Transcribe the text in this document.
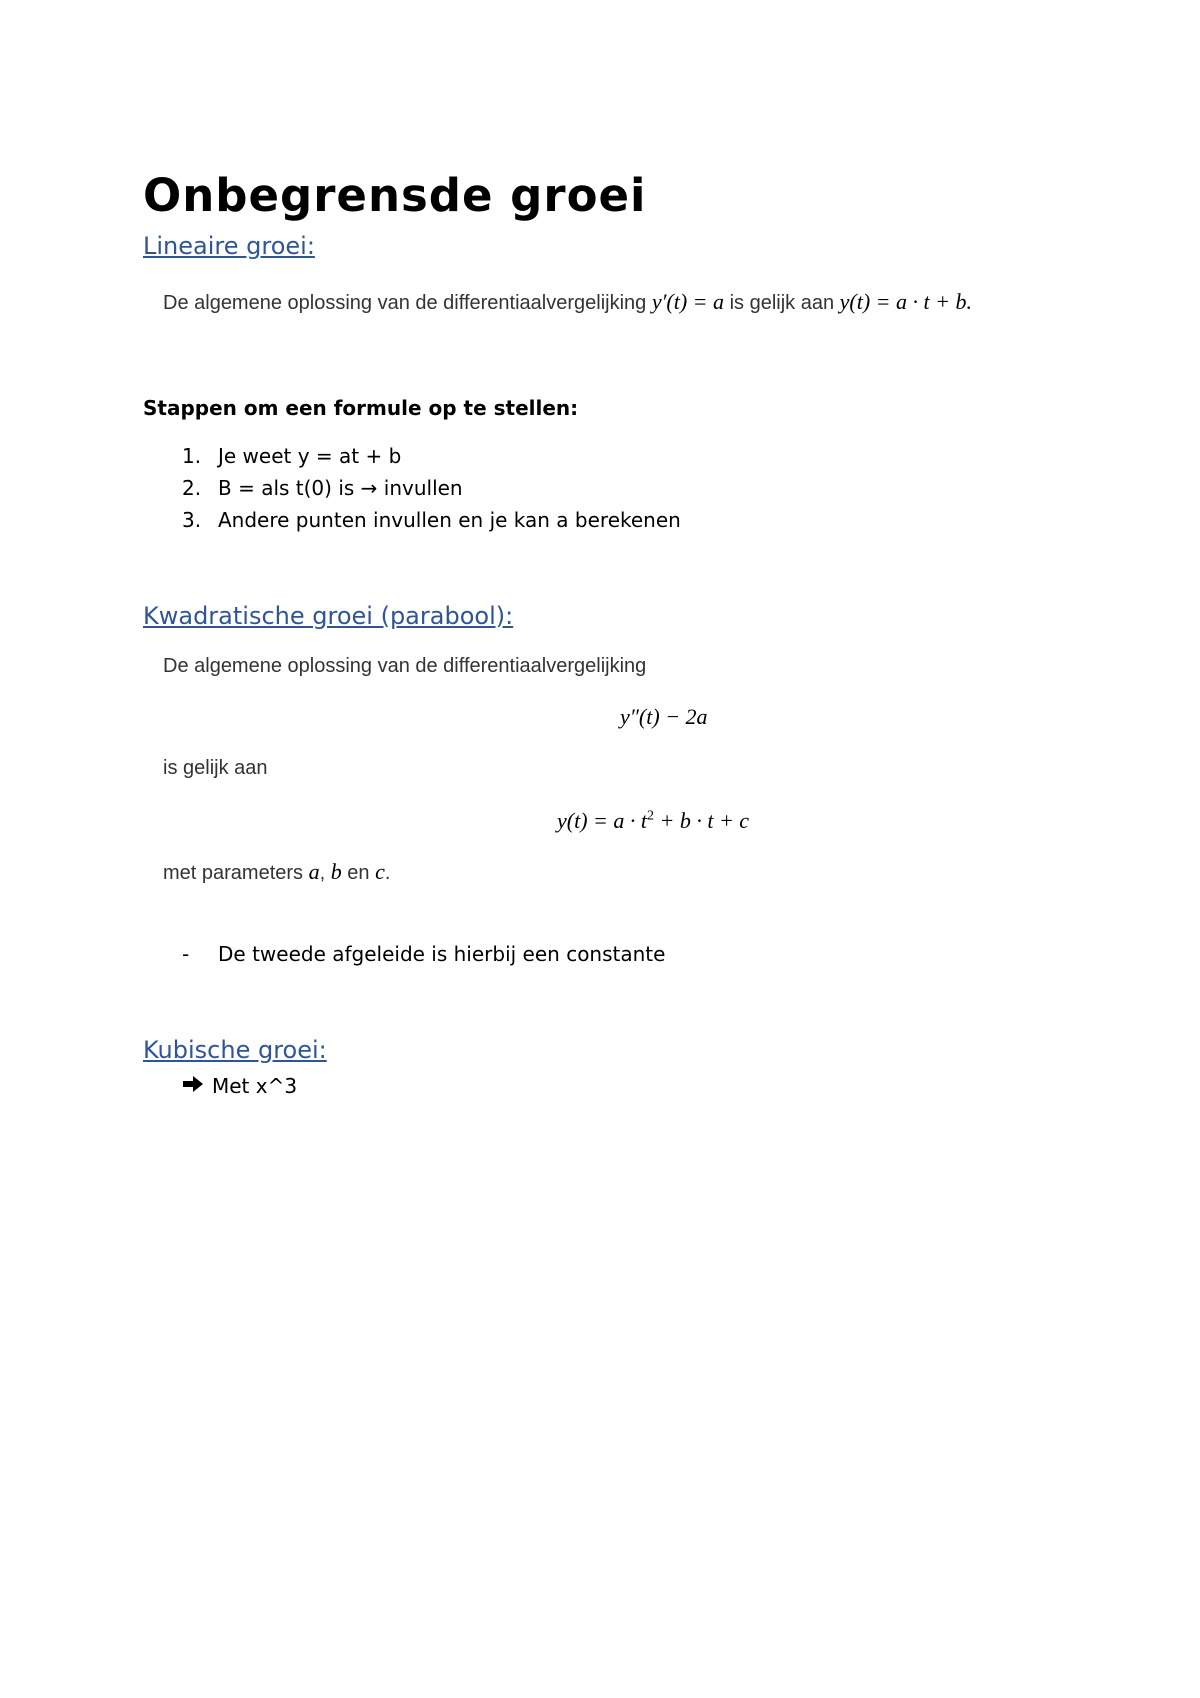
Onbegrensde groei
Lineaire groei:
De algemene oplossing van de differentiaalvergelijking y′(t) = a is gelijk aan y(t) = a · t + b.
Stappen om een formule op te stellen:
1. Je weet y = at + b
2. B = als t(0) is → invullen
3. Andere punten invullen en je kan a berekenen
Kwadratische groei (parabool):
De algemene oplossing van de differentiaalvergelijking
y″(t) − 2a
is gelijk aan
$y(t) = a \cdot t^2 + b \cdot t + c$
met parameters a, b en c.
- De tweede afgeleide is hierbij een constante
Kubische groei:
Met x^3
